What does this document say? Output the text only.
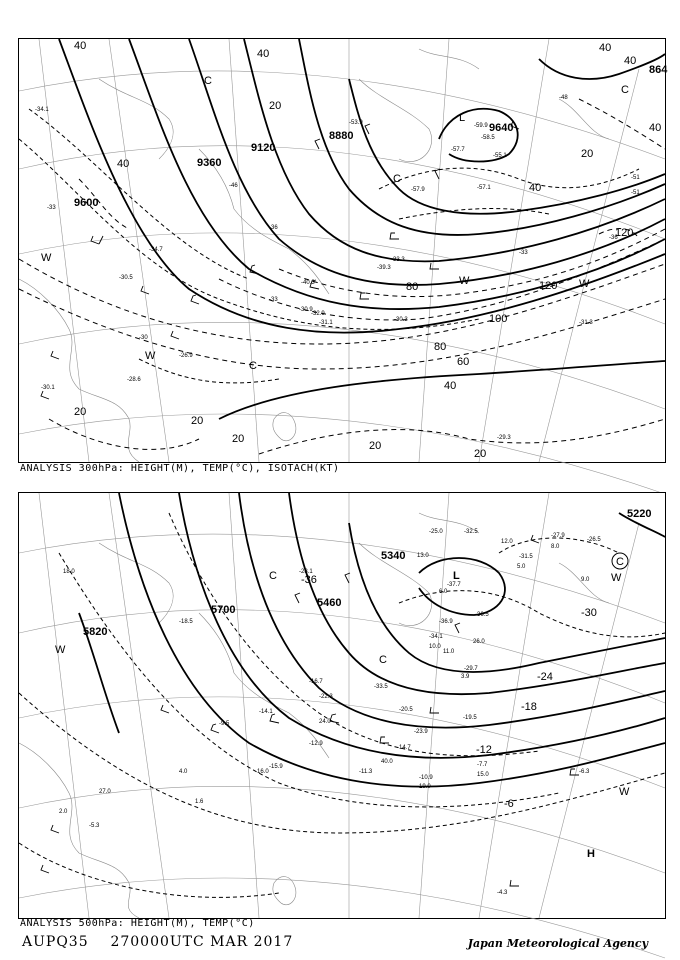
9600
9360
9120
8880
864
9640
40
40
40
20
40
40
40
20
40
120
120
100
80
80
60
40
20
20
20
20
20
L
C
C
W
W
W	W
C
C
-57.7
-57.1
-59.9
-58.5
-55.1
-57.9
-53.9
-51
-46
-40.3
-39.3
-33.3
-30.3
-31.1
-29.3
-30.1
-30.9
-36
-33
-32.9
-34.1
-34.7
-31.3
-30.5
-26.9
-28.6
-51
-48
-36
-33
-30
-33
ANALYSIS 300hPa: HEIGHT(M), TEMP(°C), ISOTACH(KT)
5700
5460
5340
5220
5820
-30
-24
-18
-12
-6
-36	L
C
C
C
W
W
W
H
-37.7
-36.5
-33.5
-29.7
-27.9
-26.5
-31.5
-32.5
-25.0
-19.5
-14.7
-12.9
-10.9
-9.5
-7.7
-6.3
-5.3
-4.3
-16.7
-22.3
-20.5
-18.5
-14.1
-15.9
-11.3
-23.9
-36.9
-34.1
-28.1
18.0
13.0
26.0
9.0
40.0
19.0
15.0
11.0
27.0
24.0
16.0
12.0
10.0
8.0
6.0
5.0
2.0
1.6
4.0
3.9
ANALYSIS 500hPa: HEIGHT(M), TEMP(°C)
AUPQ35 270000UTC MAR 2017	Japan Meteorological Agency
